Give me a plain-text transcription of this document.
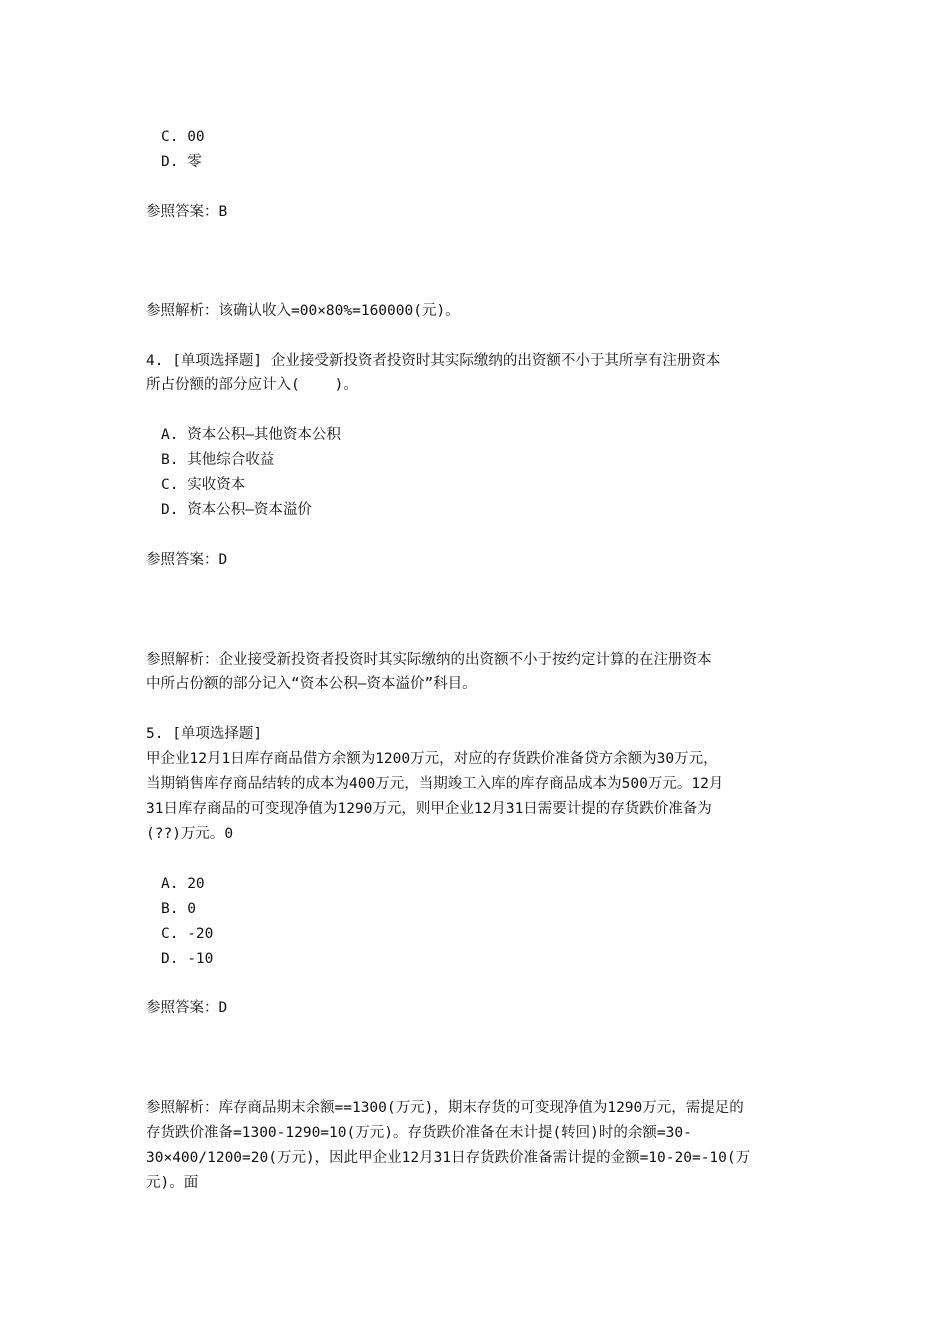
C. 00
D. 零
参照答案：B
参照解析：该确认收入=00×80%=160000(元)。
4. [单项选择题] 企业接受新投资者投资时其实际缴纳的出资额不小于其所享有注册资本
所占份额的部分应计入(    )。
A. 资本公积—其他资本公积
B. 其他综合收益
C. 实收资本
D. 资本公积—资本溢价
参照答案：D
参照解析：企业接受新投资者投资时其实际缴纳的出资额不小于按约定计算的在注册资本
中所占份额的部分记入“资本公积—资本溢价”科目。
5. [单项选择题]
甲企业12月1日库存商品借方余额为1200万元，对应的存货跌价准备贷方余额为30万元，
当期销售库存商品结转的成本为400万元，当期竣工入库的库存商品成本为500万元。12月
31日库存商品的可变现净值为1290万元，则甲企业12月31日需要计提的存货跌价准备为
(??)万元。0
A. 20
B. 0
C. -20
D. -10
参照答案：D
参照解析：库存商品期末余额==1300(万元)，期末存货的可变现净值为1290万元，需提足的
存货跌价准备=1300-1290=10(万元)。存货跌价准备在未计提(转回)时的余额=30-
30×400/1200=20(万元)，因此甲企业12月31日存货跌价准备需计提的金额=10-20=-10(万
元)。面
